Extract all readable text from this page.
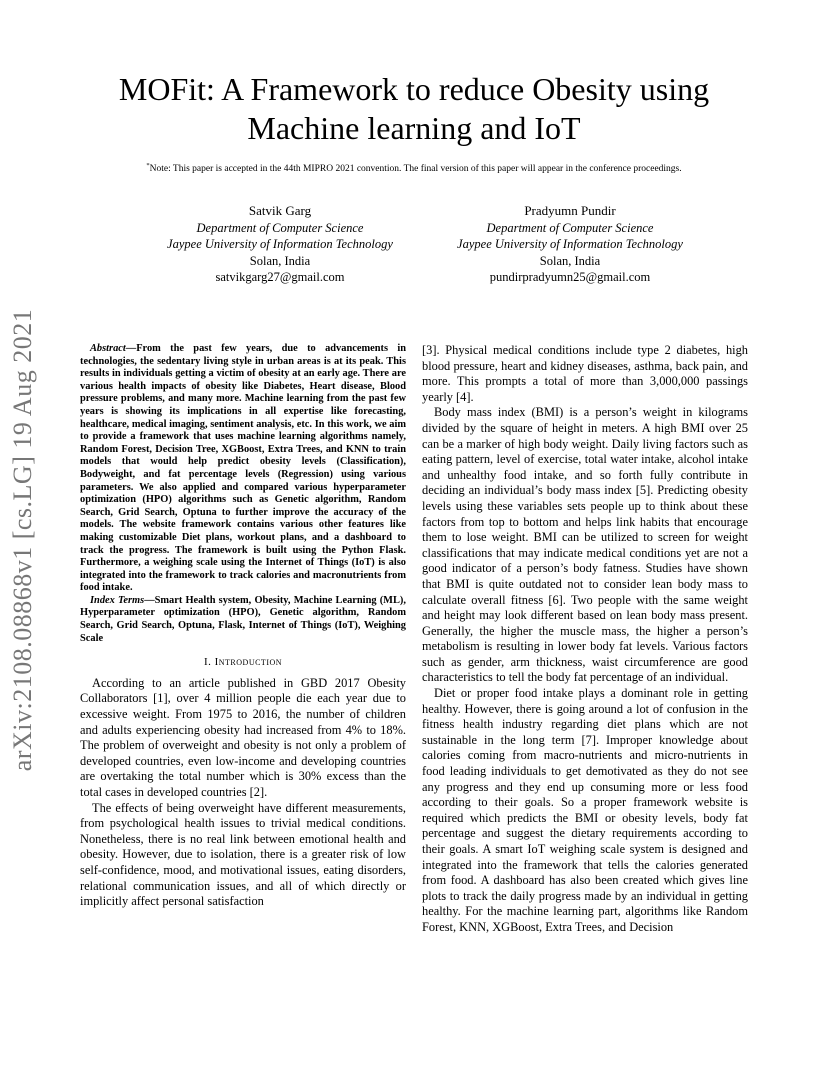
arXiv:2108.08868v1 [cs.LG] 19 Aug 2021
MOFit: A Framework to reduce Obesity using
Machine learning and IoT
*Note: This paper is accepted in the 44th MIPRO 2021 convention. The final version of this paper will appear in the conference proceedings.
Satvik Garg
Department of Computer Science
Jaypee University of Information Technology
Solan, India
satvikgarg27@gmail.com
Pradyumn Pundir
Department of Computer Science
Jaypee University of Information Technology
Solan, India
pundirpradyumn25@gmail.com

Abstract—From the past few years, due to advancements in technologies, the sedentary living style in urban areas is at its peak. This results in individuals getting a victim of obesity at an early age. There are various health impacts of obesity like Diabetes, Heart disease, Blood pressure problems, and many more. Machine learning from the past few years is showing its implications in all expertise like forecasting, healthcare, medical imaging, sentiment analysis, etc. In this work, we aim to provide a framework that uses machine learning algorithms namely, Random Forest, Decision Tree, XGBoost, Extra Trees, and KNN to train models that would help predict obesity levels (Classification), Bodyweight, and fat percentage levels (Regression) using various parameters. We also applied and compared various hyperparameter optimization (HPO) algorithms such as Genetic algorithm, Random Search, Grid Search, Optuna to further improve the accuracy of the models. The website framework contains various other features like making customizable Diet plans, workout plans, and a dashboard to track the progress. The framework is built using the Python Flask. Furthermore, a weighing scale using the Internet of Things (IoT) is also integrated into the framework to track calories and macronutrients from food intake.

Index Terms—Smart Health system, Obesity, Machine Learning (ML), Hyperparameter optimization (HPO), Genetic algorithm, Random Search, Grid Search, Optuna, Flask, Internet of Things (IoT), Weighing Scale

I. Introduction

According to an article published in GBD 2017 Obesity Collaborators [1], over 4 million people die each year due to excessive weight. From 1975 to 2016, the number of children and adults experiencing obesity had increased from 4% to 18%. The problem of overweight and obesity is not only a problem of developed countries, even low-income and developing countries are overtaking the total number which is 30% excess than the total cases in developed countries [2].

The effects of being overweight have different measurements, from psychological health issues to trivial medical conditions. Nonetheless, there is no real link between emotional health and obesity. However, due to isolation, there is a greater risk of low self-confidence, mood, and motivational issues, eating disorders, relational communication issues, and all of which directly or implicitly affect personal satisfaction

[3]. Physical medical conditions include type 2 diabetes, high blood pressure, heart and kidney diseases, asthma, back pain, and more. This prompts a total of more than 3,000,000 passings yearly [4].

Body mass index (BMI) is a person’s weight in kilograms divided by the square of height in meters. A high BMI over 25 can be a marker of high body weight. Daily living factors such as eating pattern, level of exercise, total water intake, alcohol intake and unhealthy food intake, and so forth fully contribute in deciding an individual’s body mass index [5]. Predicting obesity levels using these variables sets people up to think about these factors from top to bottom and helps link habits that encourage them to lose weight. BMI can be utilized to screen for weight classifications that may indicate medical conditions yet are not a good indicator of a person’s body fatness. Studies have shown that BMI is quite outdated not to consider lean body mass to calculate overall fitness [6]. Two people with the same weight and height may look different based on lean body mass present. Generally, the higher the muscle mass, the higher a person’s metabolism is resulting in lower body fat levels. Various factors such as gender, arm thickness, waist circumference are good characteristics to tell the body fat percentage of an individual.

Diet or proper food intake plays a dominant role in getting healthy. However, there is going around a lot of confusion in the fitness health industry regarding diet plans which are not sustainable in the long term [7]. Improper knowledge about calories coming from macro-nutrients and micro-nutrients in food leading individuals to get demotivated as they do not see any progress and they end up consuming more or less food according to their goals. So a proper framework website is required which predicts the BMI or obesity levels, body fat percentage and suggest the dietary requirements according to their goals. A smart IoT weighing scale system is designed and integrated into the framework that tells the calories generated from food. A dashboard has also been created which gives line plots to track the daily progress made by an individual in getting healthy. For the machine learning part, algorithms like Random Forest, KNN, XGBoost, Extra Trees, and Decision
